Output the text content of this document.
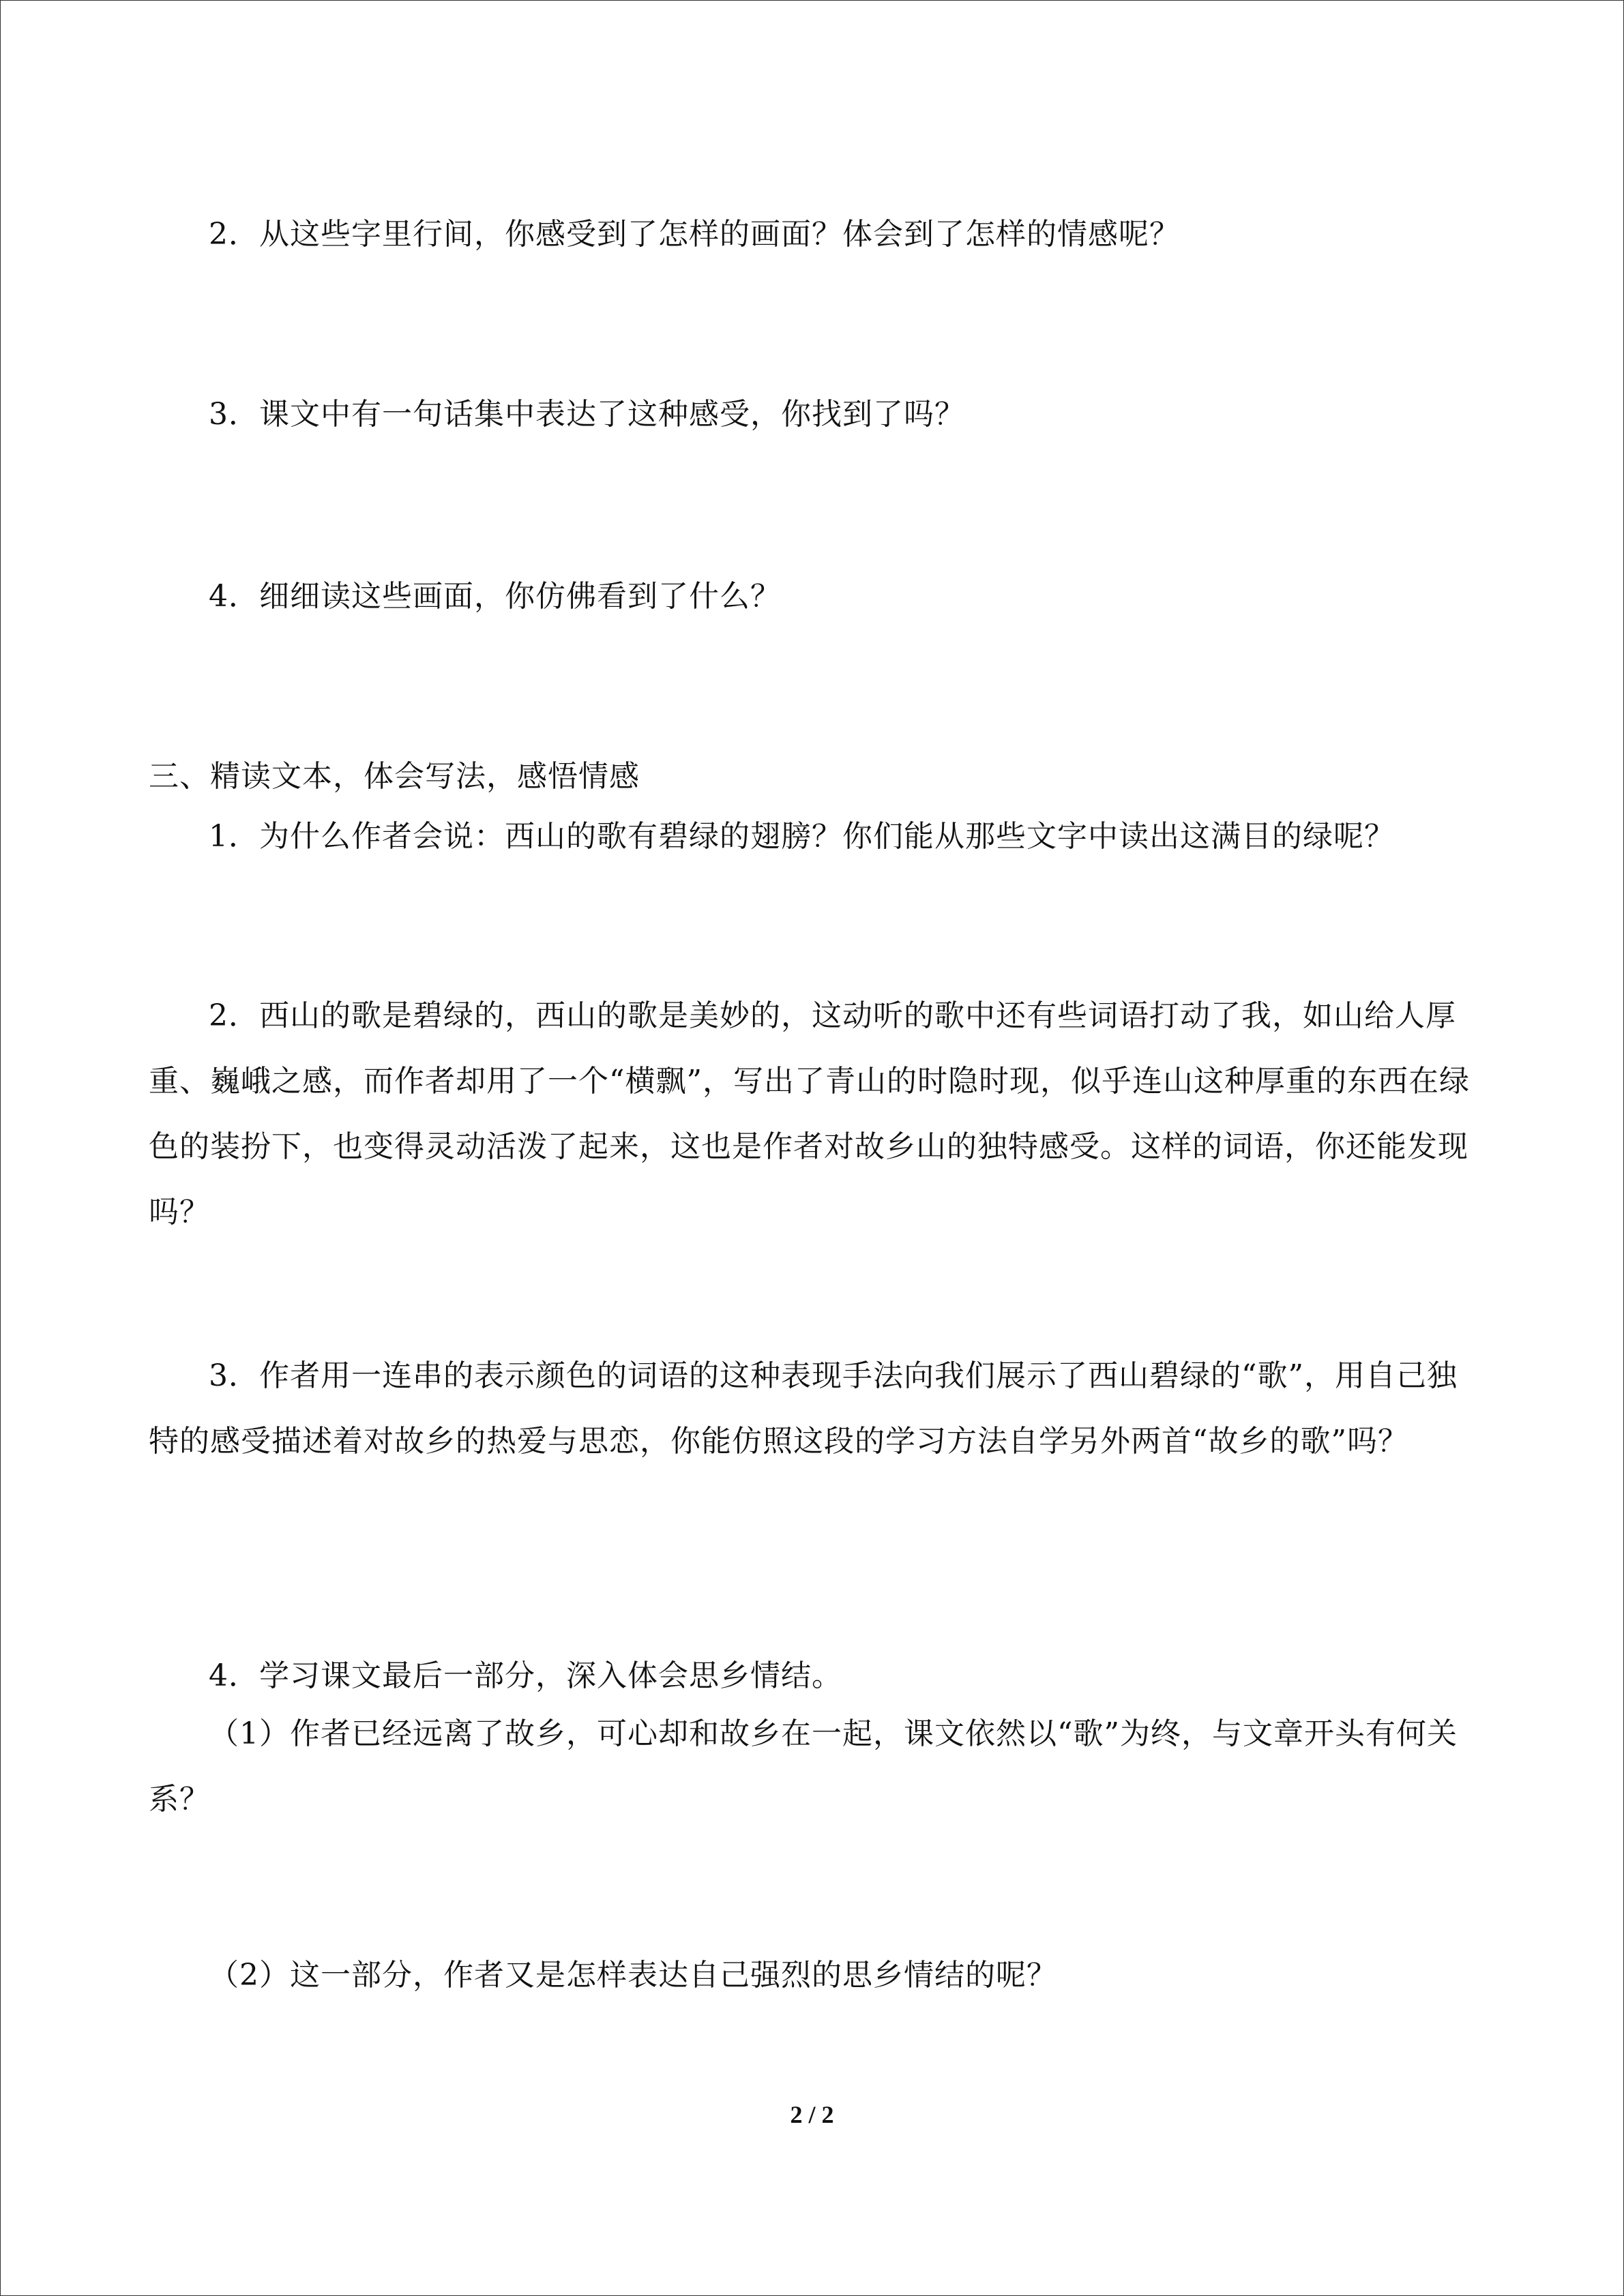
2．从这些字里行间，你感受到了怎样的画面？体会到了怎样的情感呢？

3．课文中有一句话集中表达了这种感受，你找到了吗？

4．细细读这些画面，你仿佛看到了什么？

三、精读文本，体会写法，感悟情感

1．为什么作者会说：西山的歌有碧绿的翅膀？你们能从那些文字中读出这满目的绿呢？

2．西山的歌是碧绿的，西山的歌是美妙的，这动听的歌中还有些词语打动了我，如山给人厚重、巍峨之感，而作者却用了一个“横飘”，写出了青山的时隐时现，似乎连山这种厚重的东西在绿色的装扮下，也变得灵动活泼了起来，这也是作者对故乡山的独特感受。这样的词语，你还能发现吗？

3．作者用一连串的表示颜色的词语的这种表现手法向我们展示了西山碧绿的“歌”，用自己独特的感受描述着对故乡的热爱与思恋，你能仿照这段的学习方法自学另外两首“故乡的歌”吗？

4．学习课文最后一部分，深入体会思乡情结。

（1）作者已经远离了故乡，可心却和故乡在一起，课文依然以“歌”为终，与文章开头有何关系？

（2）这一部分，作者又是怎样表达自己强烈的思乡情结的呢？

2 / 2
